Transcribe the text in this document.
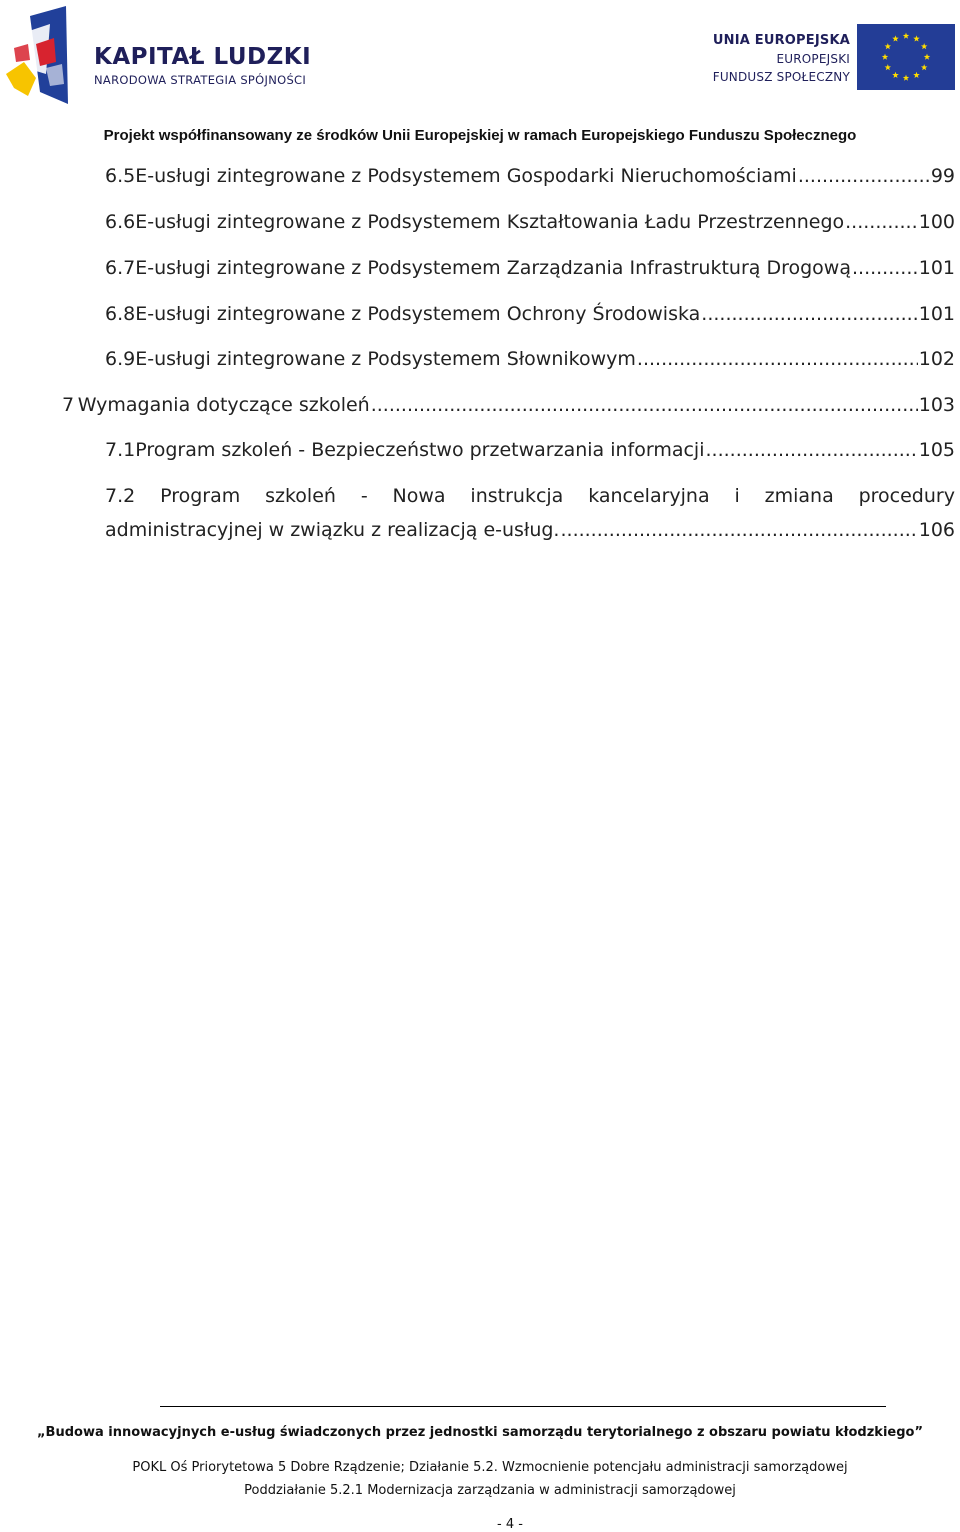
KAPITAŁ LUDZKI
NARODOWA STRATEGIA SPÓJNOŚCI
UNIA EUROPEJSKA
EUROPEJSKI
FUNDUSZ SPOŁECZNY
Projekt współfinansowany ze środków Unii Europejskiej w ramach Europejskiego Funduszu Społecznego
6.5 E-usługi zintegrowane z Podsystemem Gospodarki Nieruchomościami .....	99
6.6 E-usługi zintegrowane z Podsystemem Kształtowania Ładu Przestrzennego .....	100
6.7 E-usługi zintegrowane z Podsystemem Zarządzania Infrastrukturą Drogową .....	101
6.8 E-usługi zintegrowane z Podsystemem Ochrony Środowiska .....	101
6.9 E-usługi zintegrowane z Podsystemem Słownikowym .....	102
7 Wymagania dotyczące szkoleń .....	103
7.1 Program szkoleń - Bezpieczeństwo przetwarzania informacji .....	105
7.2 Program szkoleń - Nowa instrukcja kancelaryjna i zmiana procedury
administracyjnej w związku z realizacją e-usług. .....	106
„Budowa innowacyjnych e-usług świadczonych przez jednostki samorządu terytorialnego z obszaru powiatu kłodzkiego”
POKL Oś Priorytetowa 5 Dobre Rządzenie; Działanie 5.2. Wzmocnienie potencjału administracji samorządowej
Poddziałanie 5.2.1 Modernizacja zarządzania w administracji samorządowej
- 4 -
